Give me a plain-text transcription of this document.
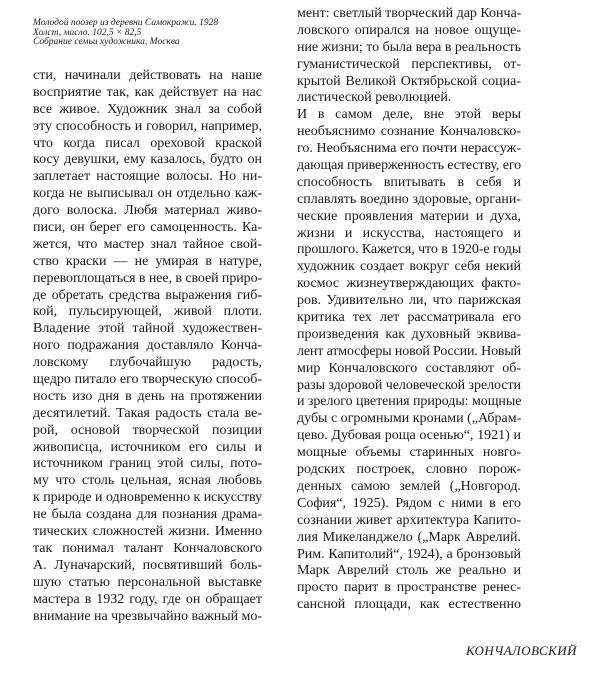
Молодой поозер из деревни Самокражи. 1928
Холст, масло. 102,5 × 82,5
Собрание семьи художника, Москва
сти, начинали действовать на наше
восприятие так, как действует на нас
все живое. Художник знал за собой
эту способность и говорил, например,
что когда писал ореховой краской
косу девушки, ему казалось, будто он
заплетает настоящие волосы. Но ни-
когда не выписывал он отдельно каж-
дого волоска. Любя материал живо-
писи, он берег его самоценность. Ка-
жется, что мастер знал тайное свой-
ство краски — не умирая в натуре,
перевоплощаться в нее, в своей приро-
де обретать средства выражения гиб-
кой, пульсирующей, живой плоти.
Владение этой тайной художествен-
ного подражания доставляло Конча-
ловскому глубочайшую радость,
щедро питало его творческую способ-
ность изо дня в день на протяжении
десятилетий. Такая радость стала ве-
рой, основой творческой позиции
живописца, источником его силы и
источником границ этой силы, пото-
му что столь цельная, ясная любовь
к природе и одновременно к искусству
не была создана для познания драма-
тических сложностей жизни. Именно
так понимал талант Кончаловского
А. Луначарский, посвятивший боль-
шую статью персональной выставке
мастера в 1932 году, где он обращает
внимание на чрезвычайно важный мо-
мент: светлый творческий дар Конча-
ловского опирался на новое ощуще-
ние жизни; то была вера в реальность
гуманистической перспективы, от-
крытой Великой Октябрьской социа-
листической революцией.
И в самом деле, вне этой веры
необъяснимо сознание Кончаловско-
го. Необъяснима его почти нерассуж-
дающая приверженность естеству, его
способность впитывать в себя и
сплавлять воедино здоровые, органи-
ческие проявления материи и духа,
жизни и искусства, настоящего и
прошлого. Кажется, что в 1920-е годы
художник создает вокруг себя некий
космос жизнеутверждающих факто-
ров. Удивительно ли, что парижская
критика тех лет рассматривала его
произведения как духовный эквива-
лент атмосферы новой России. Новый
мир Кончаловского составляют об-
разы здоровой человеческой зрелости
и зрелого цветения природы: мощные
дубы с огромными кронами („Абрам-
цево. Дубовая роща осенью“, 1921) и
мощные объемы старинных новго-
родских построек, словно порож-
денных самою землей („Новгород.
София“, 1925). Рядом с ними в его
сознании живет архитектура Капито-
лия Микеланджело („Марк Аврелий.
Рим. Капитолий“, 1924), а бронзовый
Марк Аврелий столь же реально и
просто парит в пространстве ренес-
сансной площади, как естественно
КОНЧАЛОВСКИЙ
